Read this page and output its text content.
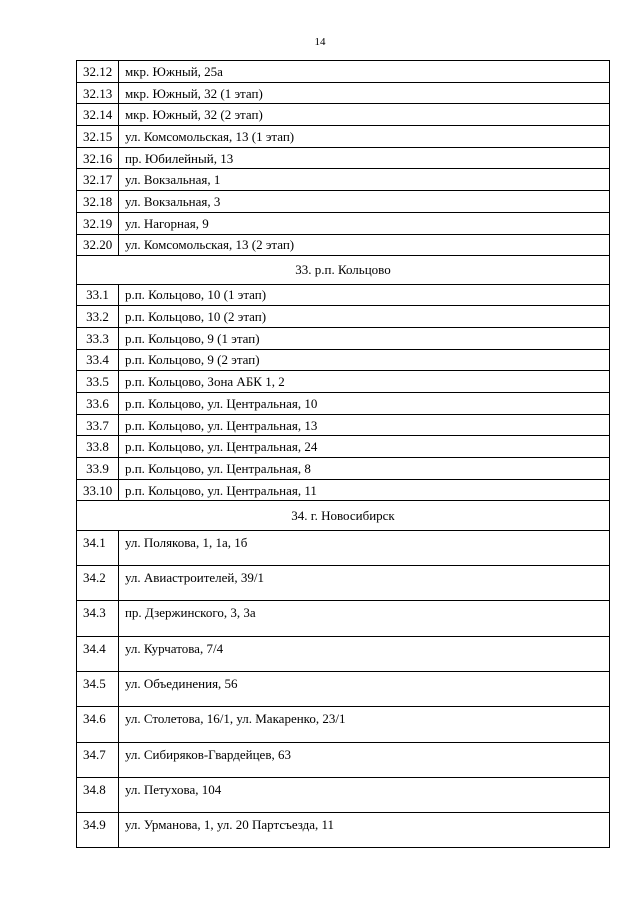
14
32.12	мкр. Южный, 25а
32.13	мкр. Южный, 32 (1 этап)
32.14	мкр. Южный, 32 (2 этап)
32.15	ул. Комсомольская, 13 (1 этап)
32.16	пр. Юбилейный, 13
32.17	ул. Вокзальная, 1
32.18	ул. Вокзальная, 3
32.19	ул. Нагорная, 9
32.20	ул. Комсомольская, 13 (2 этап)
33. р.п. Кольцово	
33.1	р.п. Кольцово, 10 (1 этап)
33.2	р.п. Кольцово, 10 (2 этап)
33.3	р.п. Кольцово, 9 (1 этап)
33.4	р.п. Кольцово, 9 (2 этап)
33.5	р.п. Кольцово, Зона АБК 1, 2
33.6	р.п. Кольцово, ул. Центральная, 10
33.7	р.п. Кольцово, ул. Центральная, 13
33.8	р.п. Кольцово, ул. Центральная, 24
33.9	р.п. Кольцово, ул. Центральная, 8
33.10	р.п. Кольцово, ул. Центральная, 11
34. г. Новосибирск	
34.1	ул. Полякова, 1, 1а, 1б
34.2	ул. Авиастроителей, 39/1
34.3	пр. Дзержинского, 3, 3а
34.4	ул. Курчатова, 7/4
34.5	ул. Объединения, 56
34.6	ул. Столетова, 16/1, ул. Макаренко, 23/1
34.7	ул. Сибиряков-Гвардейцев, 63
34.8	ул. Петухова, 104
34.9	ул. Урманова, 1, ул. 20 Партсъезда, 11
